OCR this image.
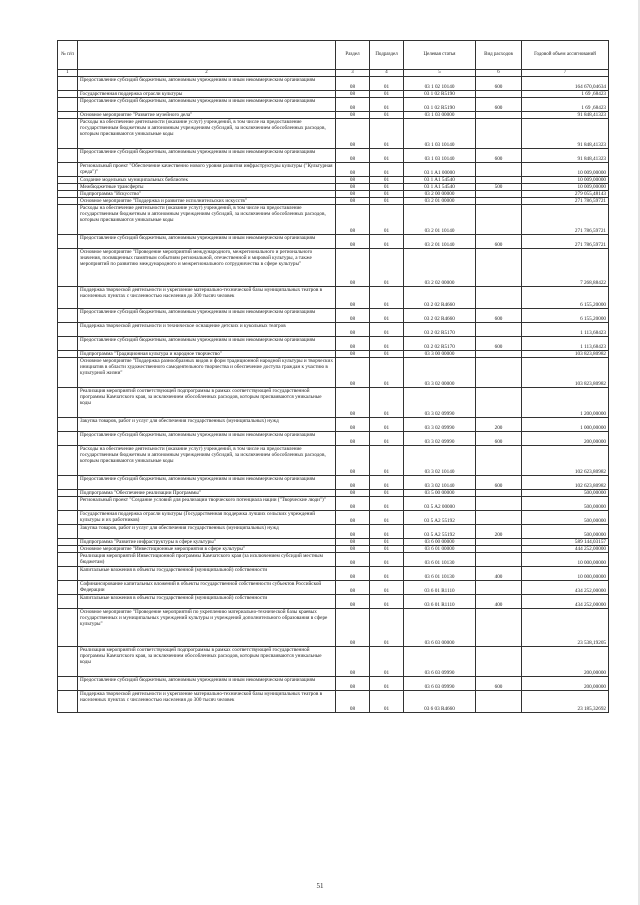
№ п/п		Раздел	Подраздел	Целевая статья	Вид расходов	Годовой объем ассигнований
1	2	3	4	5	6	7
	Предоставление субсидий бюджетным, автономным учреждениям и иным некоммерческим организациям	08	01	03 1 02 10140	600	164 670,04634
	Государственная поддержка отрасли культуры	08	01	03 1 02 R5190		1 69 ,68423
	Предоставление субсидий бюджетным, автономным учреждениям и иным некоммерческим организациям	08	01	03 1 02 R5190	600	1 69 ,68423
	Основное мероприятие "Развитие музейного дела"	08	01	03 1 03 00000		91 848,41323
	Расходы на обеспечение деятельности (оказание услуг) учреждений, в том числе на предоставление государственным бюджетным и автономным учреждениям субсидий, за исключением обособленных расходов, которым присваиваются уникальные коды	08	01	03 1 03 10140		91 848,41323
	Предоставление субсидий бюджетным, автономным учреждениям и иным некоммерческим организациям	08	01	03 1 03 10140	600	91 848,41323
	Региональный проект "Обеспечение качественно нового уровня развития инфраструктуры культуры ("Культурная среда")"	08	01	03 1 A1 00000		10 009,00000
	Создание модельных муниципальных библиотек	08	01	03 1 A1 54540		10 009,00000
	Межбюджетные трансферты	08	01	03 1 A1 54540	500	10 009,00000
	Подпрограмма "Искусство"	08	01	03 2 00 00000		279 055,48143
	Основное мероприятие "Поддержка и развитие исполнительских искусств"	08	01	03 2 01 00000		271 786,59721
	Расходы на обеспечение деятельности (оказание услуг) учреждений, в том числе на предоставление государственным бюджетным и автономным учреждениям субсидий, за исключением обособленных расходов, которым присваиваются уникальные коды	08	01	03 2 01 10140		271 786,59721
	Предоставление субсидий бюджетным, автономным учреждениям и иным некоммерческим организациям	08	01	03 2 01 10140	600	271 786,59721
	Основное мероприятие "Проведение мероприятий международного, межрегионального и регионального значения, посвященных памятным событиям региональной, отечественной и мировой культуры, а также мероприятий по развитию международного и межрегионального сотрудничества в сфере культуры"	08	01	03 2 02 00000		7 268,88422
	Поддержка творческой деятельности и укрепление материально-технической базы муниципальных театров в населенных пунктах с численностью населения до 300 тысяч человек	08	01	03 2 02 R4660		6 155,20000
	Предоставление субсидий бюджетным, автономным учреждениям и иным некоммерческим организациям	08	01	03 2 02 R4660	600	6 155,20000
	Поддержка творческой деятельности и техническое оснащение детских и кукольных театров	08	01	03 2 02 R5170		1 113,68423
	Предоставление субсидий бюджетным, автономным учреждениям и иным некоммерческим организациям	08	01	03 2 02 R5170	600	1 113,68423
	Подпрограмма "Традиционная культура и народное творчество"	08	01	03 3 00 00000		103 823,80982
	Основное мероприятие "Поддержка разнообразных видов и форм традиционной народной культуры и творческих инициатив в области художественного самодеятельного творчества и обеспечение доступа граждан к участию в культурной жизни"	08	01	03 3 02 00000		103 823,80982
	Реализация мероприятий соответствующей подпрограммы в рамках соответствующей государственной программы Камчатского края, за исключением обособленных расходов, которым присваиваются уникальные коды	08	01	03 3 02 09990		1 200,00000
	Закупка товаров, работ и услуг для обеспечения государственных (муниципальных) нужд	08	01	03 3 02 09990	200	1 000,00000
	Предоставление субсидий бюджетным, автономным учреждениям и иным некоммерческим организациям	08	01	03 3 02 09990	600	200,00000
	Расходы на обеспечение деятельности (оказание услуг) учреждений, в том числе на предоставление государственным бюджетным и автономным учреждениям субсидий, за исключением обособленных расходов, которым присваиваются уникальные коды	08	01	03 3 02 10140		102 623,80982
	Предоставление субсидий бюджетным, автономным учреждениям и иным некоммерческим организациям	08	01	03 3 02 10140	600	102 623,80982
	Подпрограмма "Обеспечение реализации Программы"	08	01	03 5 00 00000		500,00000
	Региональный проект "Создание условий для реализации творческого потенциала нации ("Творческие люди")"	08	01	03 5 A2 00000		500,00000
	Государственная поддержка отрасли культуры (Государственная поддержка лучших сельских учреждений культуры и их работников)	08	01	03 5 A2 55192		500,00000
	Закупка товаров, работ и услуг для обеспечения государственных (муниципальных) нужд	08	01	03 5 A2 55192	200	500,00000
	Подпрограмма "Развитие инфраструктуры в сфере культуры"	08	01	03 6 00 00000		589 144,03157
	Основное мероприятие "Инвестиционные мероприятия в сфере культуры"	08	01	03 6 01 00000		444 252,00000
	Реализация мероприятий Инвестиционной программы Камчатского края (за исключением субсидий местным бюджетам)	08	01	03 6 01 10130		10 000,00000
	Капитальные вложения в объекты государственной (муниципальной) собственности	08	01	03 6 01 10130	400	10 000,00000
	Софинансирование капитальных вложений в объекты государственной собственности субъектов Российской Федерации	08	01	03 6 01 R1110		434 252,00000
	Капитальные вложения в объекты государственной (муниципальной) собственности	08	01	03 6 01 R1110	400	434 252,00000
	Основное мероприятие "Проведение мероприятий по укреплению материально-технической базы краевых государственных и муниципальных учреждений культуры и учреждений дополнительного образования в сфере культуры"	08	01	03 6 03 00000		23 538,19205
	Реализация мероприятий соответствующей подпрограммы в рамках соответствующей государственной программы Камчатского края, за исключением обособленных расходов, которым присваиваются уникальные коды	08	01	03 6 03 09990		200,00000
	Предоставление субсидий бюджетным, автономным учреждениям и иным некоммерческим организациям	08	01	03 6 03 09990	600	200,00000
	Поддержка творческой деятельности и укрепление материально-технической базы муниципальных театров в населенных пунктах с численностью населения до 300 тысяч человек	08	01	03 6 03 R4660		23 185,32692
51
